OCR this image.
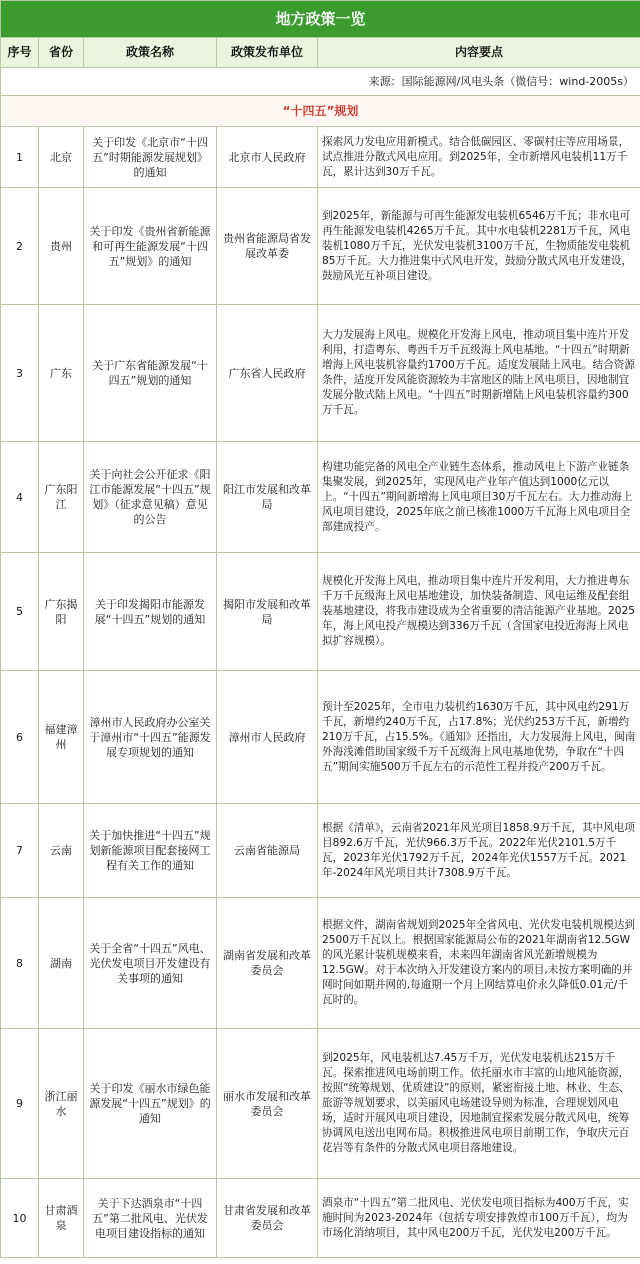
地方政策一览				
序号	省份	政策名称	政策发布单位	内容要点
来源：国际能源网/风电头条（微信号：wind-2005s）				
“十四五”规划				
1	北京	关于印发《北京市“十四五”时期能源发展规划》的通知	北京市人民政府	探索风力发电应用新模式。结合低碳园区、零碳村庄等应用场景，试点推进分散式风电应用。到2025年，全市新增风电装机11万千瓦，累计达到30万千瓦。
2	贵州	关于印发《贵州省新能源和可再生能源发展“十四五”规划》的通知	贵州省能源局省发展改革委	到2025年，新能源与可再生能源发电装机6546万千瓦；非水电可再生能源发电装机4265万千瓦。其中水电装机2281万千瓦，风电装机1080万千瓦，光伏发电装机3100万千瓦，生物质能发电装机85万千瓦。大力推进集中式风电开发，鼓励分散式风电开发建设，鼓励风光互补项目建设。
3	广东	关于广东省能源发展“十四五”规划的通知	广东省人民政府	大力发展海上风电。规模化开发海上风电，推动项目集中连片开发利用，打造粤东、粤西千万千瓦级海上风电基地。“十四五”时期新增海上风电装机容量约1700万千瓦。适度发展陆上风电。结合资源条件，适度开发风能资源较为丰富地区的陆上风电项目，因地制宜发展分散式陆上风电。“十四五”时期新增陆上风电装机容量约300万千瓦。
4	广东阳江	关于向社会公开征求《阳江市能源发展“十四五”规划》（征求意见稿）意见的公告	阳江市发展和改革局	构建功能完备的风电全产业链生态体系，推动风电上下游产业链条集聚发展，到2025年，实现风电产业年产值达到1000亿元以上。“十四五”期间新增海上风电项目30万千瓦左右。大力推动海上风电项目建设，2025年底之前已核准1000万千瓦海上风电项目全部建成投产。
5	广东揭阳	关于印发揭阳市能源发展“十四五”规划的通知	揭阳市发展和改革局	规模化开发海上风电，推动项目集中连片开发利用，大力推进粤东千万千瓦级海上风电基地建设，加快装备制造、风电运维及配套组装基地建设，将我市建设成为全省重要的清洁能源产业基地。2025年，海上风电投产规模达到336万千瓦（含国家电投近海海上风电拟扩容规模）。
6	福建漳州	漳州市人民政府办公室关于漳州市“十四五”能源发展专项规划的通知	漳州市人民政府	预计至2025年，全市电力装机约1630万千瓦，其中风电约291万千瓦，新增约240万千瓦，占17.8%；光伏约253万千瓦，新增约210万千瓦，占15.5%。《通知》还指出，大力发展海上风电，闽南外海浅滩借助国家级千万千瓦级海上风电基地优势，争取在“十四五”期间实施500万千瓦左右的示范性工程并投产200万千瓦。
7	云南	关于加快推进“十四五”规划新能源项目配套接网工程有关工作的通知	云南省能源局	根据《清单》，云南省2021年风光项目1858.9万千瓦，其中风电项目892.6万千瓦，光伏966.3万千瓦。2022年光伏2101.5万千瓦，2023年光伏1792万千瓦，2024年光伏1557万千瓦。2021年-2024年风光项目共计7308.9万千瓦。
8	湖南	关于全省“十四五”风电、光伏发电项目开发建设有关事项的通知	湖南省发展和改革委员会	根据文件，湖南省规划到2025年全省风电、光伏发电装机规模达到2500万千瓦以上。根据国家能源局公布的2021年湖南省12.5GW的风光累计装机规模来看，未来四年湖南省风光新增规模为12.5GW。对于本次纳入开发建设方案内的项目,未按方案明确的并网时间如期并网的,每逾期一个月上网结算电价永久降低0.01元/千瓦时的。
9	浙江丽水	关于印发《丽水市绿色能源发展“十四五”规划》的通知	丽水市发展和改革委员会	到2025年，风电装机达7.45万千万，光伏发电装机达215万千瓦。探索推进风电场前期工作。依托丽水市丰富的山地风能资源，按照“统筹规划、优质建设”的原则，紧密衔接土地、林业、生态、旅游等规划要求，以美丽风电场建设导则为标准，合理规划风电场，适时开展风电项目建设，因地制宜探索发展分散式风电，统筹协调风电送出电网布局。积极推进风电项目前期工作，争取庆元百花岩等有条件的分散式风电项目落地建设。
10	甘肃酒泉	关于下达酒泉市“十四五”第二批风电、光伏发电项目建设指标的通知	甘肃省发展和改革委员会	酒泉市“十四五”第二批风电、光伏发电项目指标为400万千瓦，实施时间为2023-2024年（包括专项安排敦煌市100万千瓦），均为市场化消纳项目，其中风电200万千瓦，光伏发电200万千瓦。
